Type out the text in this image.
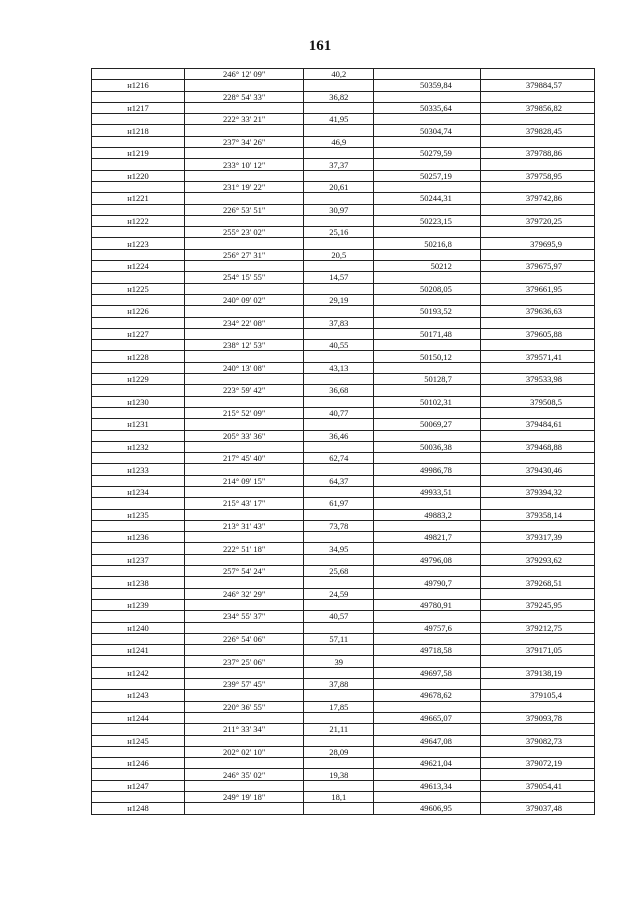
161
	246° 12' 09"	40,2			
н1216				50359,84	379884,57
	228° 54' 33"	36,82			
н1217				50335,64	379856,82
	222° 33' 21"	41,95			
н1218				50304,74	379828,45
	237° 34' 26"	46,9			
н1219				50279,59	379788,86
	233° 10' 12"	37,37			
н1220				50257,19	379758,95
	231° 19' 22"	20,61			
н1221				50244,31	379742,86
	226° 53' 51"	30,97			
н1222				50223,15	379720,25
	255° 23' 02"	25,16			
н1223				50216,8	379695,9
	256° 27' 31"	20,5			
н1224				50212	379675,97
	254° 15' 55"	14,57			
н1225				50208,05	379661,95
	240° 09' 02"	29,19			
н1226				50193,52	379636,63
	234° 22' 08"	37,83			
н1227				50171,48	379605,88
	238° 12' 53"	40,55			
н1228				50150,12	379571,41
	240° 13' 08"	43,13			
н1229				50128,7	379533,98
	223° 59' 42"	36,68			
н1230				50102,31	379508,5
	215° 52' 09"	40,77			
н1231				50069,27	379484,61
	205° 33' 36"	36,46			
н1232				50036,38	379468,88
	217° 45' 40"	62,74			
н1233				49986,78	379430,46
	214° 09' 15"	64,37			
н1234				49933,51	379394,32
	215° 43' 17"	61,97			
н1235				49883,2	379358,14
	213° 31' 43"	73,78			
н1236				49821,7	379317,39
	222° 51' 18"	34,95			
н1237				49796,08	379293,62
	257° 54' 24"	25,68			
н1238				49790,7	379268,51
	246° 32' 29"	24,59			
н1239				49780,91	379245,95
	234° 55' 37"	40,57			
н1240				49757,6	379212,75
	226° 54' 06"	57,11			
н1241				49718,58	379171,05
	237° 25' 06"	39			
н1242				49697,58	379138,19
	239° 57' 45"	37,88			
н1243				49678,62	379105,4
	220° 36' 55"	17,85			
н1244				49665,07	379093,78
	211° 33' 34"	21,11			
н1245				49647,08	379082,73
	202° 02' 10"	28,09			
н1246				49621,04	379072,19
	246° 35' 02"	19,38			
н1247				49613,34	379054,41
	249° 19' 18"	18,1			
н1248				49606,95	379037,48
